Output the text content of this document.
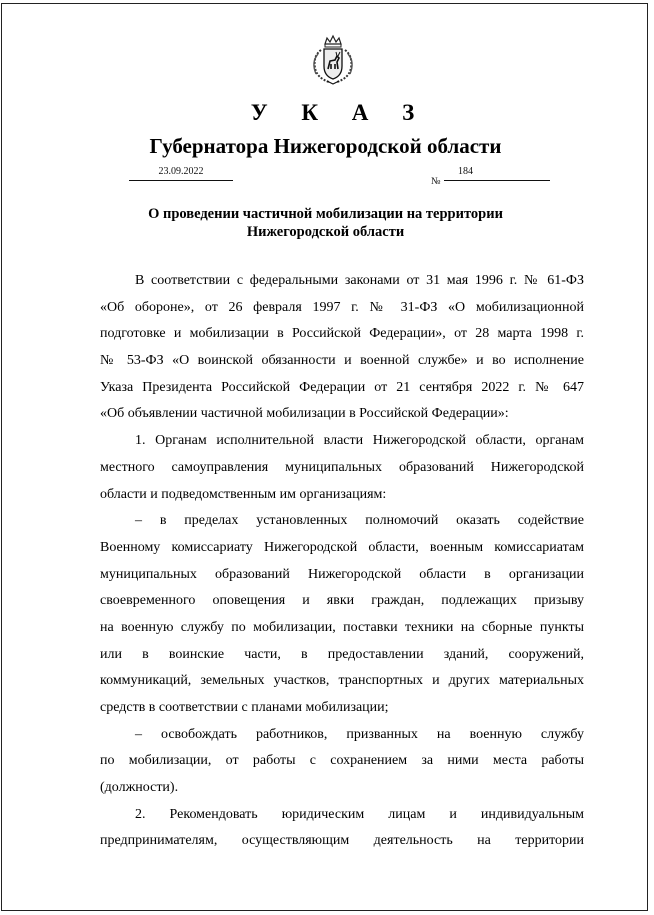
У К А З
Губернатора Нижегородской области
23.09.2022
№
184
О проведении частичной мобилизации на территории
Нижегородской области
В соответствии с федеральными законами от 31 мая 1996 г. № 61-ФЗ
«Об обороне», от 26 февраля 1997 г. № 31-ФЗ «О мобилизационной
подготовке и мобилизации в Российской Федерации», от 28 марта 1998 г.
№ 53-ФЗ «О воинской обязанности и военной службе» и во исполнение
Указа Президента Российской Федерации от 21 сентября 2022 г. № 647
«Об объявлении частичной мобилизации в Российской Федерации»:
1. Органам исполнительной власти Нижегородской области, органам
местного самоуправления муниципальных образований Нижегородской
области и подведомственным им организациям:
– в пределах установленных полномочий оказать содействие
Военному комиссариату Нижегородской области, военным комиссариатам
муниципальных образований Нижегородской области в организации
своевременного оповещения и явки граждан, подлежащих призыву
на военную службу по мобилизации, поставки техники на сборные пункты
или в воинские части, в предоставлении зданий, сооружений,
коммуникаций, земельных участков, транспортных и других материальных
средств в соответствии с планами мобилизации;
– освобождать работников, призванных на военную службу
по мобилизации, от работы с сохранением за ними места работы
(должности).
2. Рекомендовать юридическим лицам и индивидуальным
предпринимателям, осуществляющим деятельность на территории
